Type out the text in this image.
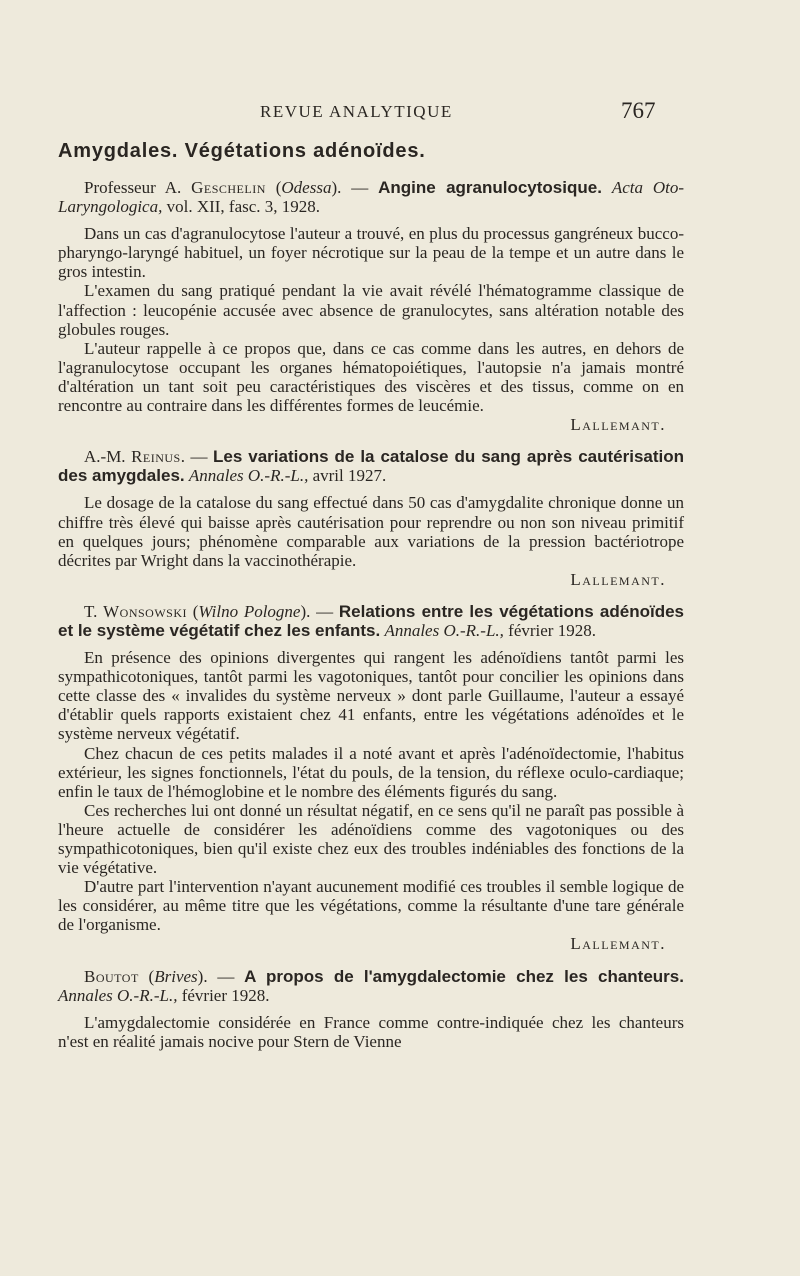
REVUE ANALYTIQUE	767
Amygdales. Végétations adénoïdes.

Professeur A. Geschelin (Odessa). — Angine agranulocytosique. Acta Oto-Laryngologica, vol. XII, fasc. 3, 1928.

Dans un cas d'agranulocytose l'auteur a trouvé, en plus du processus gangréneux bucco-pharyngo-laryngé habituel, un foyer nécrotique sur la peau de la tempe et un autre dans le gros intestin.

L'examen du sang pratiqué pendant la vie avait révélé l'hématogramme classique de l'affection : leucopénie accusée avec absence de granulocytes, sans altération notable des globules rouges.

L'auteur rappelle à ce propos que, dans ce cas comme dans les autres, en dehors de l'agranulocytose occupant les organes hématopoiétiques, l'autopsie n'a jamais montré d'altération un tant soit peu caractéristiques des viscères et des tissus, comme on en rencontre au contraire dans les différentes formes de leucémie.

Lallemant.

A.-M. Reinus. — Les variations de la catalose du sang après cautérisation des amygdales. Annales O.-R.-L., avril 1927.

Le dosage de la catalose du sang effectué dans 50 cas d'amygdalite chronique donne un chiffre très élevé qui baisse après cautérisation pour reprendre ou non son niveau primitif en quelques jours; phénomène comparable aux variations de la pression bactériotrope décrites par Wright dans la vaccinothérapie.

Lallemant.

T. Wonsowski (Wilno Pologne). — Relations entre les végétations adénoïdes et le système végétatif chez les enfants. Annales O.-R.-L., février 1928.

En présence des opinions divergentes qui rangent les adénoïdiens tantôt parmi les sympathicotoniques, tantôt parmi les vagotoniques, tantôt pour concilier les opinions dans cette classe des « invalides du système nerveux » dont parle Guillaume, l'auteur a essayé d'établir quels rapports existaient chez 41 enfants, entre les végétations adénoïdes et le système nerveux végétatif.

Chez chacun de ces petits malades il a noté avant et après l'adénoïdectomie, l'habitus extérieur, les signes fonctionnels, l'état du pouls, de la tension, du réflexe oculo-cardiaque; enfin le taux de l'hémoglobine et le nombre des éléments figurés du sang.

Ces recherches lui ont donné un résultat négatif, en ce sens qu'il ne paraît pas possible à l'heure actuelle de considérer les adénoïdiens comme des vagotoniques ou des sympathicotoniques, bien qu'il existe chez eux des troubles indéniables des fonctions de la vie végétative.

D'autre part l'intervention n'ayant aucunement modifié ces troubles il semble logique de les considérer, au même titre que les végétations, comme la résultante d'une tare générale de l'organisme.

Lallemant.

Boutot (Brives). — A propos de l'amygdalectomie chez les chanteurs. Annales O.-R.-L., février 1928.

L'amygdalectomie considérée en France comme contre-indiquée chez les chanteurs n'est en réalité jamais nocive pour Stern de Vienne
